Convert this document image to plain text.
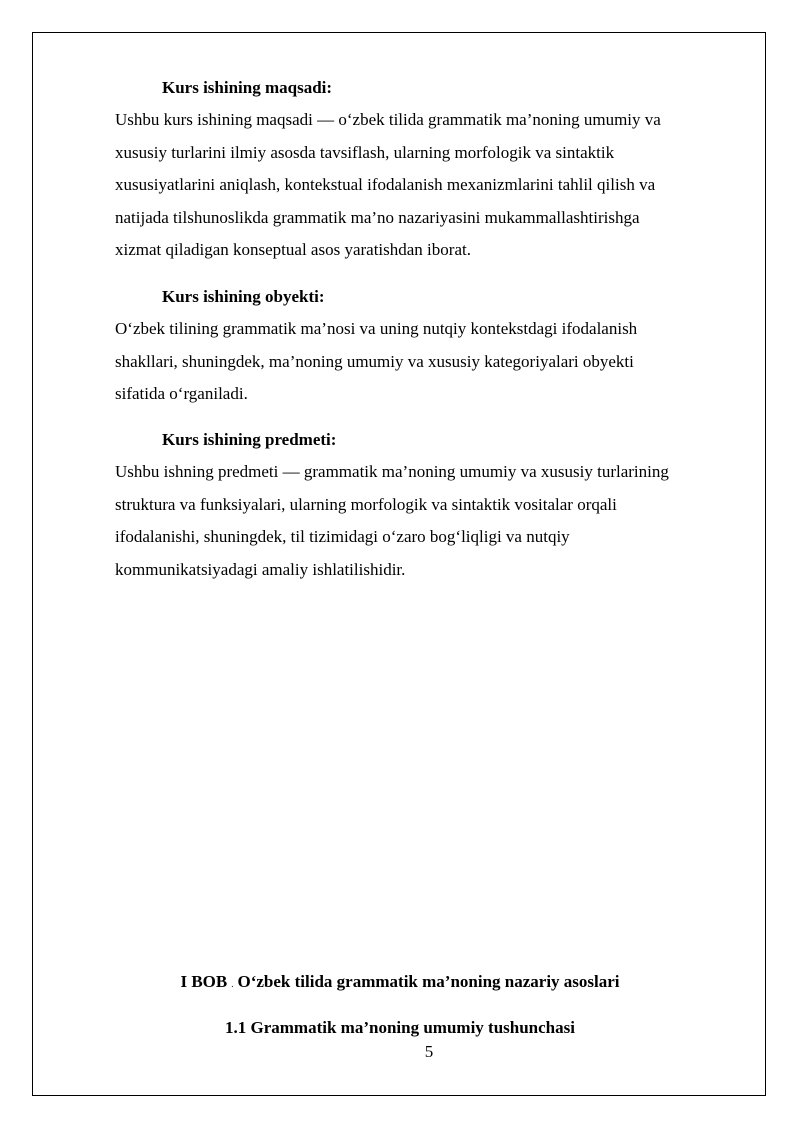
Kurs ishining maqsadi:

Ushbu kurs ishining maqsadi — o‘zbek tilida grammatik ma’noning umumiy va
xususiy turlarini ilmiy asosda tavsiflash, ularning morfologik va sintaktik
xususiyatlarini aniqlash, kontekstual ifodalanish mexanizmlarini tahlil qilish va
natijada tilshunoslikda grammatik ma’no nazariyasini mukammallashtirishga
xizmat qiladigan konseptual asos yaratishdan iborat.

Kurs ishining obyekti:

O‘zbek tilining grammatik ma’nosi va uning nutqiy kontekstdagi ifodalanish
shakllari, shuningdek, ma’noning umumiy va xususiy kategoriyalari obyekti
sifatida o‘rganiladi.

Kurs ishining predmeti:

Ushbu ishning predmeti — grammatik ma’noning umumiy va xususiy turlarining
struktura va funksiyalari, ularning morfologik va sintaktik vositalar orqali
ifodalanishi, shuningdek, til tizimidagi o‘zaro bog‘liqligi va nutqiy
kommunikatsiyadagi amaliy ishlatilishidir.

I BOB . O‘zbek tilida grammatik ma’noning nazariy asoslari
1.1 Grammatik ma’noning umumiy tushunchasi
5
